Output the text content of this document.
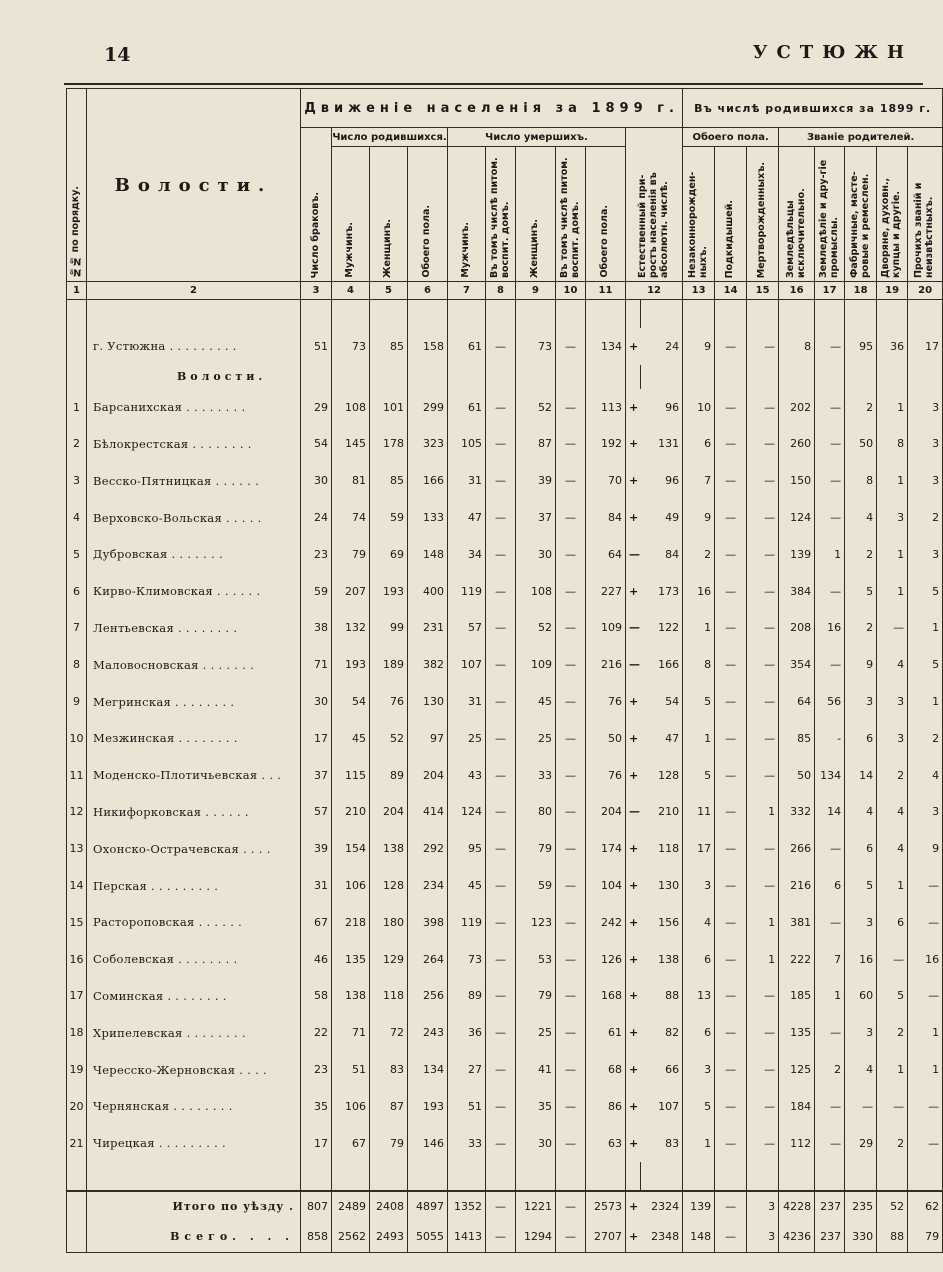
14	УСТЮЖН
№№ по порядку.	Волости.	Движеніе населенія за 1899 г.											Въ числѣ родившихся за 1899 г.							

		Число браковъ.	Число родившихся.			Число умершихъ.					Естественный при-ростъ населенія въ абсолютн. числѣ.		Обоего пола.			Званіе родителей.				

			Мужчинъ.	Женщинъ.	Обоего пола.	Мужчинъ.	Въ томъ числѣ питом. воспит. домъ.	Женщинъ.	Въ томъ числѣ питом. воспит. домъ.	Обоего пола.			Незаконнорожден-ныхъ.	Подкидышей.	Мертворожденныхъ.	Земледѣльцы исключительно.	Земледѣліе и дру-гіе промыслы.	Фабричные, масте-ровые и ремеслен.	Дворяне, духовн., купцы и другіе.	Прочихъ званій и неизвѣстныхъ.

1	2	3	4	5	6	7	8	9	10	11	12		13	14	15	16	17	18	19	20

	г. Устюжна . . . . . . . . .	51	73	85	158	61	—	73	—	134	+	24	9	—	—	8	—	95	36	17
	Волости.																			
1	Барсанихская . . . . . . . .	29	108	101	299	61	—	52	—	113	+	96	10	—	—	202	—	2	1	3
2	Бѣлокрестская . . . . . . . .	54	145	178	323	105	—	87	—	192	+	131	6	—	—	260	—	50	8	3
3	Весско-Пятницкая . . . . . .	30	81	85	166	31	—	39	—	70	+	96	7	—	—	150	—	8	1	3
4	Верховско-Вольская . . . . .	24	74	59	133	47	—	37	—	84	+	49	9	—	—	124	—	4	3	2
5	Дубровская . . . . . . .	23	79	69	148	34	—	30	—	64	—	84	2	—	—	139	1	2	1	3
6	Кирво-Климовская . . . . . .	59	207	193	400	119	—	108	—	227	+	173	16	—	—	384	—	5	1	5
7	Лентьевская . . . . . . . .	38	132	99	231	57	—	52	—	109	—	122	1	—	—	208	16	2	—	1
8	Маловосновская . . . . . . .	71	193	189	382	107	—	109	—	216	—	166	8	—	—	354	—	9	4	5
9	Мегринская . . . . . . . .	30	54	76	130	31	—	45	—	76	+	54	5	—	—	64	56	3	3	1
10	Мезжинская . . . . . . . .	17	45	52	97	25	—	25	—	50	+	47	1	—	—	85	-	6	3	2
11	Моденско-Плотичьевская . . .	37	115	89	204	43	—	33	—	76	+	128	5	—	—	50	134	14	2	4
12	Никифорковская . . . . . .	57	210	204	414	124	—	80	—	204	—	210	11	—	1	332	14	4	4	3
13	Охонско-Острачевская . . . .	39	154	138	292	95	—	79	—	174	+	118	17	—	—	266	—	6	4	9
14	Перская . . . . . . . . .	31	106	128	234	45	—	59	—	104	+	130	3	—	—	216	6	5	1	—
15	Растороповская . . . . . .	67	218	180	398	119	—	123	—	242	+	156	4	—	1	381	—	3	6	—
16	Соболевская . . . . . . . .	46	135	129	264	73	—	53	—	126	+	138	6	—	1	222	7	16	—	16
17	Соминская . . . . . . . .	58	138	118	256	89	—	79	—	168	+	88	13	—	—	185	1	60	5	—
18	Хрипелевская . . . . . . . .	22	71	72	243	36	—	25	—	61	+	82	6	—	—	135	—	3	2	1
19	Чересско-Жерновская . . . .	23	51	83	134	27	—	41	—	68	+	66	3	—	—	125	2	4	1	1
20	Чернянская . . . . . . . .	35	106	87	193	51	—	35	—	86	+	107	5	—	—	184	—	—	—	—
21	Чирецкая . . . . . . . . .	17	67	79	146	33	—	30	—	63	+	83	1	—	—	112	—	29	2	—

	Итого по уѣзду .	807	2489	2408	4897	1352	—	1221	—	2573	+	2324	139	—	3	4228	237	235	52	62
	Всего. . . .	858	2562	2493	5055	1413	—	1294	—	2707	+	2348	148	—	3	4236	237	330	88	79
